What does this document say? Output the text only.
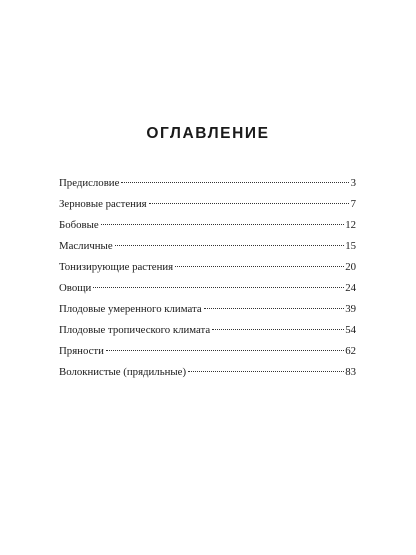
ОГЛАВЛЕНИЕ
Предисловие	3
Зерновые растения	7
Бобовые	12
Масличные	15
Тонизирующие растения	20
Овощи	24
Плодовые умеренного климата	39
Плодовые тропического климата	54
Пряности	62
Волокнистые (прядильные)	83
